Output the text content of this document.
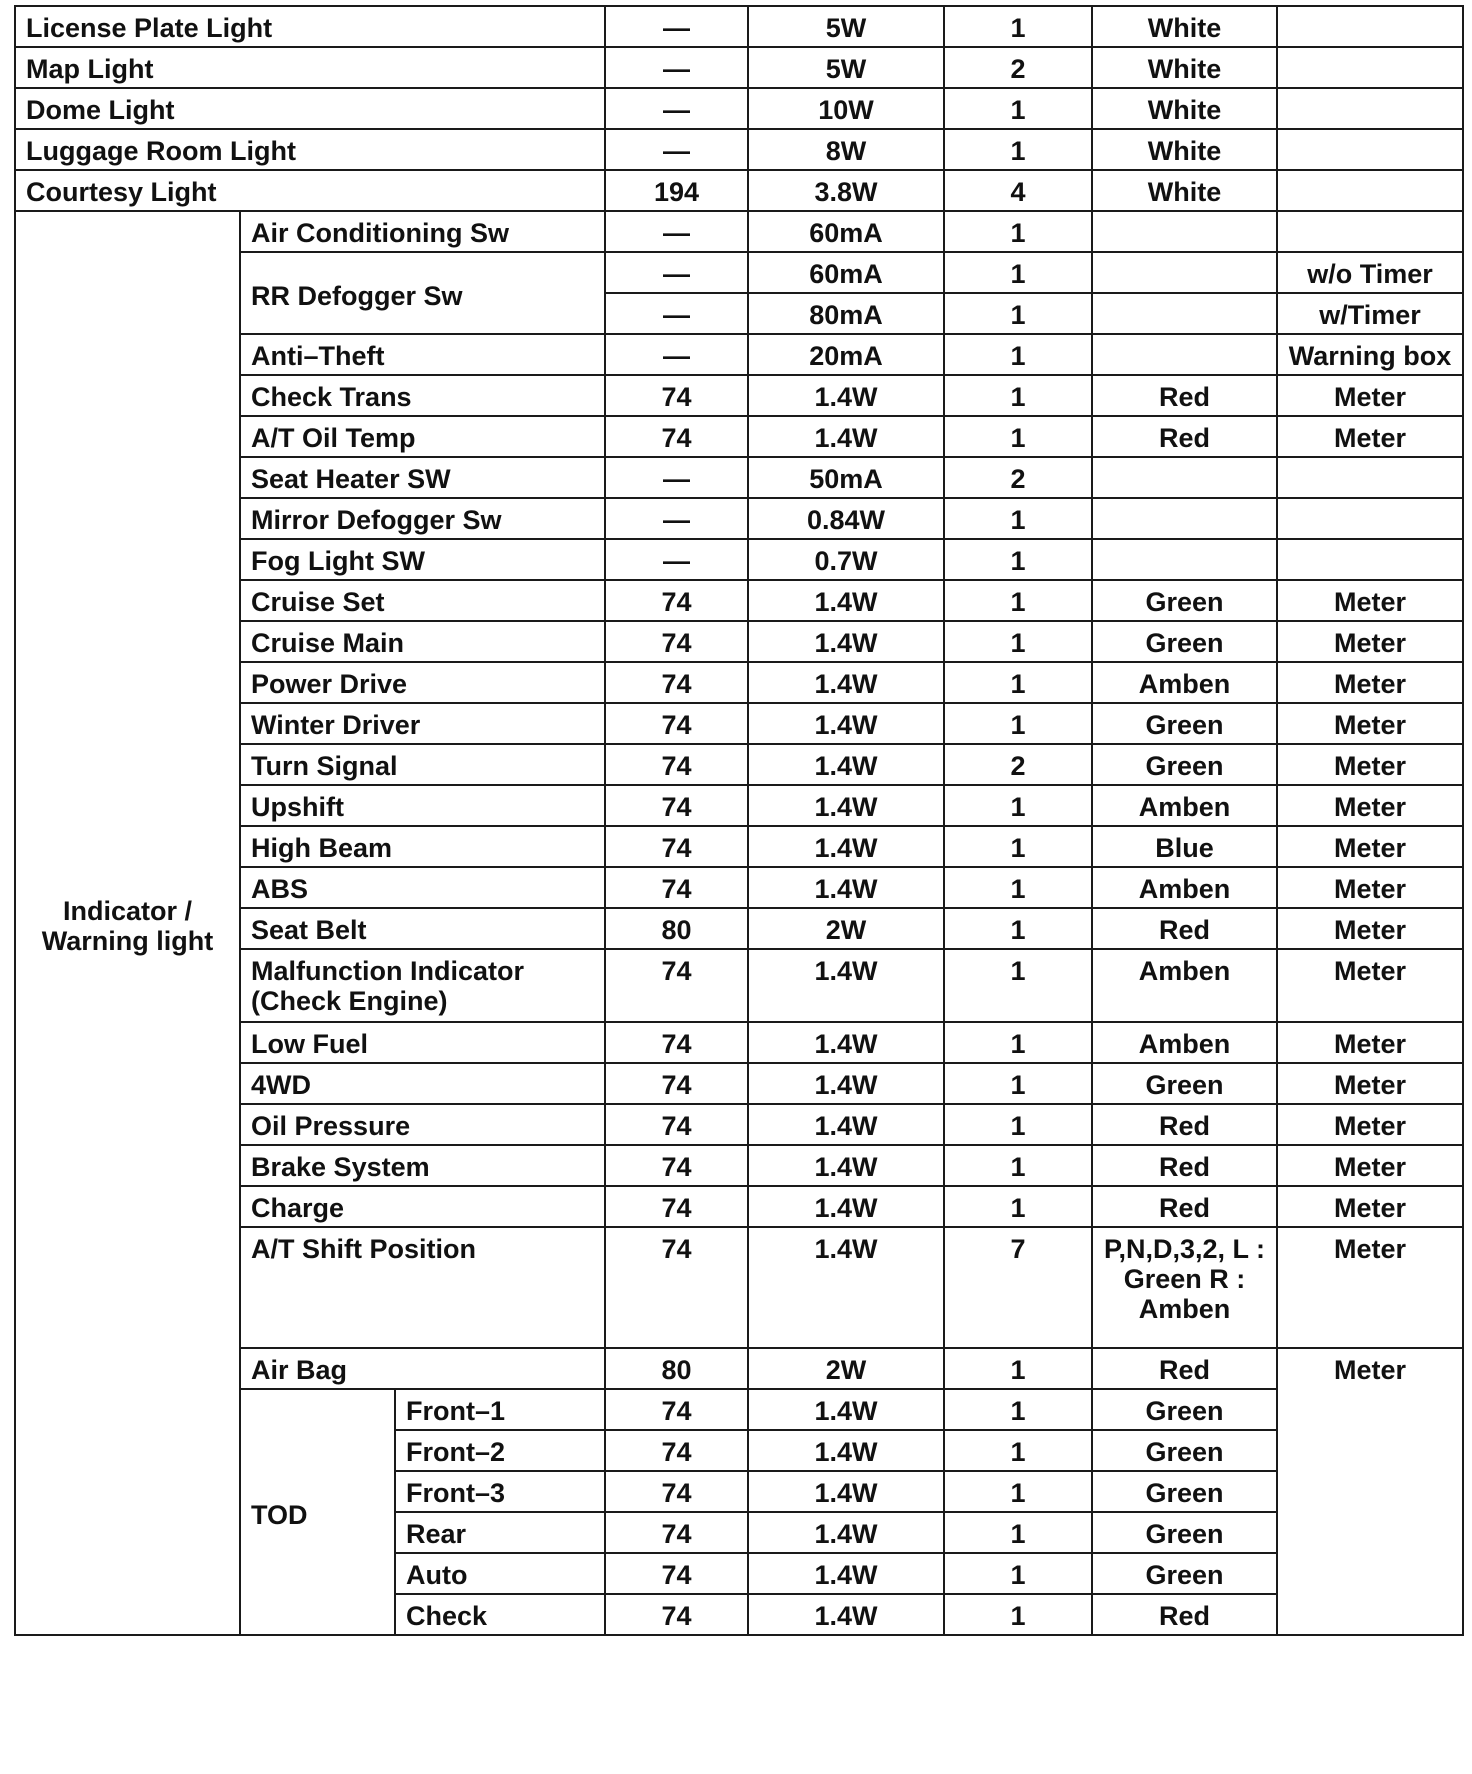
License Plate Light			—	5W	1	White	
Map Light			—	5W	2	White	
Dome Light			—	10W	1	White	
Luggage Room Light			—	8W	1	White	
Courtesy Light			194	3.8W	4	White	
Indicator / Warning light	Air Conditioning Sw		—	60mA	1		
	RR Defogger Sw		—	60mA	1		w/o Timer
			—	80mA	1		w/Timer
	Anti–Theft		—	20mA	1		Warning box
	Check Trans		74	1.4W	1	Red	Meter
	A/T Oil Temp		74	1.4W	1	Red	Meter
	Seat Heater SW		—	50mA	2		
	Mirror Defogger Sw		—	0.84W	1		
	Fog Light SW		—	0.7W	1		
	Cruise Set		74	1.4W	1	Green	Meter
	Cruise Main		74	1.4W	1	Green	Meter
	Power Drive		74	1.4W	1	Amben	Meter
	Winter Driver		74	1.4W	1	Green	Meter
	Turn Signal		74	1.4W	2	Green	Meter
	Upshift		74	1.4W	1	Amben	Meter
	High Beam		74	1.4W	1	Blue	Meter
	ABS		74	1.4W	1	Amben	Meter
	Seat Belt		80	2W	1	Red	Meter
	Malfunction Indicator (Check Engine)		74	1.4W	1	Amben	Meter
	Low Fuel		74	1.4W	1	Amben	Meter
	4WD		74	1.4W	1	Green	Meter
	Oil Pressure		74	1.4W	1	Red	Meter
	Brake System		74	1.4W	1	Red	Meter
	Charge		74	1.4W	1	Red	Meter
	A/T Shift Position		74	1.4W	7	P,N,D,3,2, L : Green R : Amben	Meter
	Air Bag		80	2W	1	Red	Meter
	TOD	Front–1	74	1.4W	1	Green	
		Front–2	74	1.4W	1	Green	
		Front–3	74	1.4W	1	Green	
		Rear	74	1.4W	1	Green	
		Auto	74	1.4W	1	Green	
		Check	74	1.4W	1	Red	
